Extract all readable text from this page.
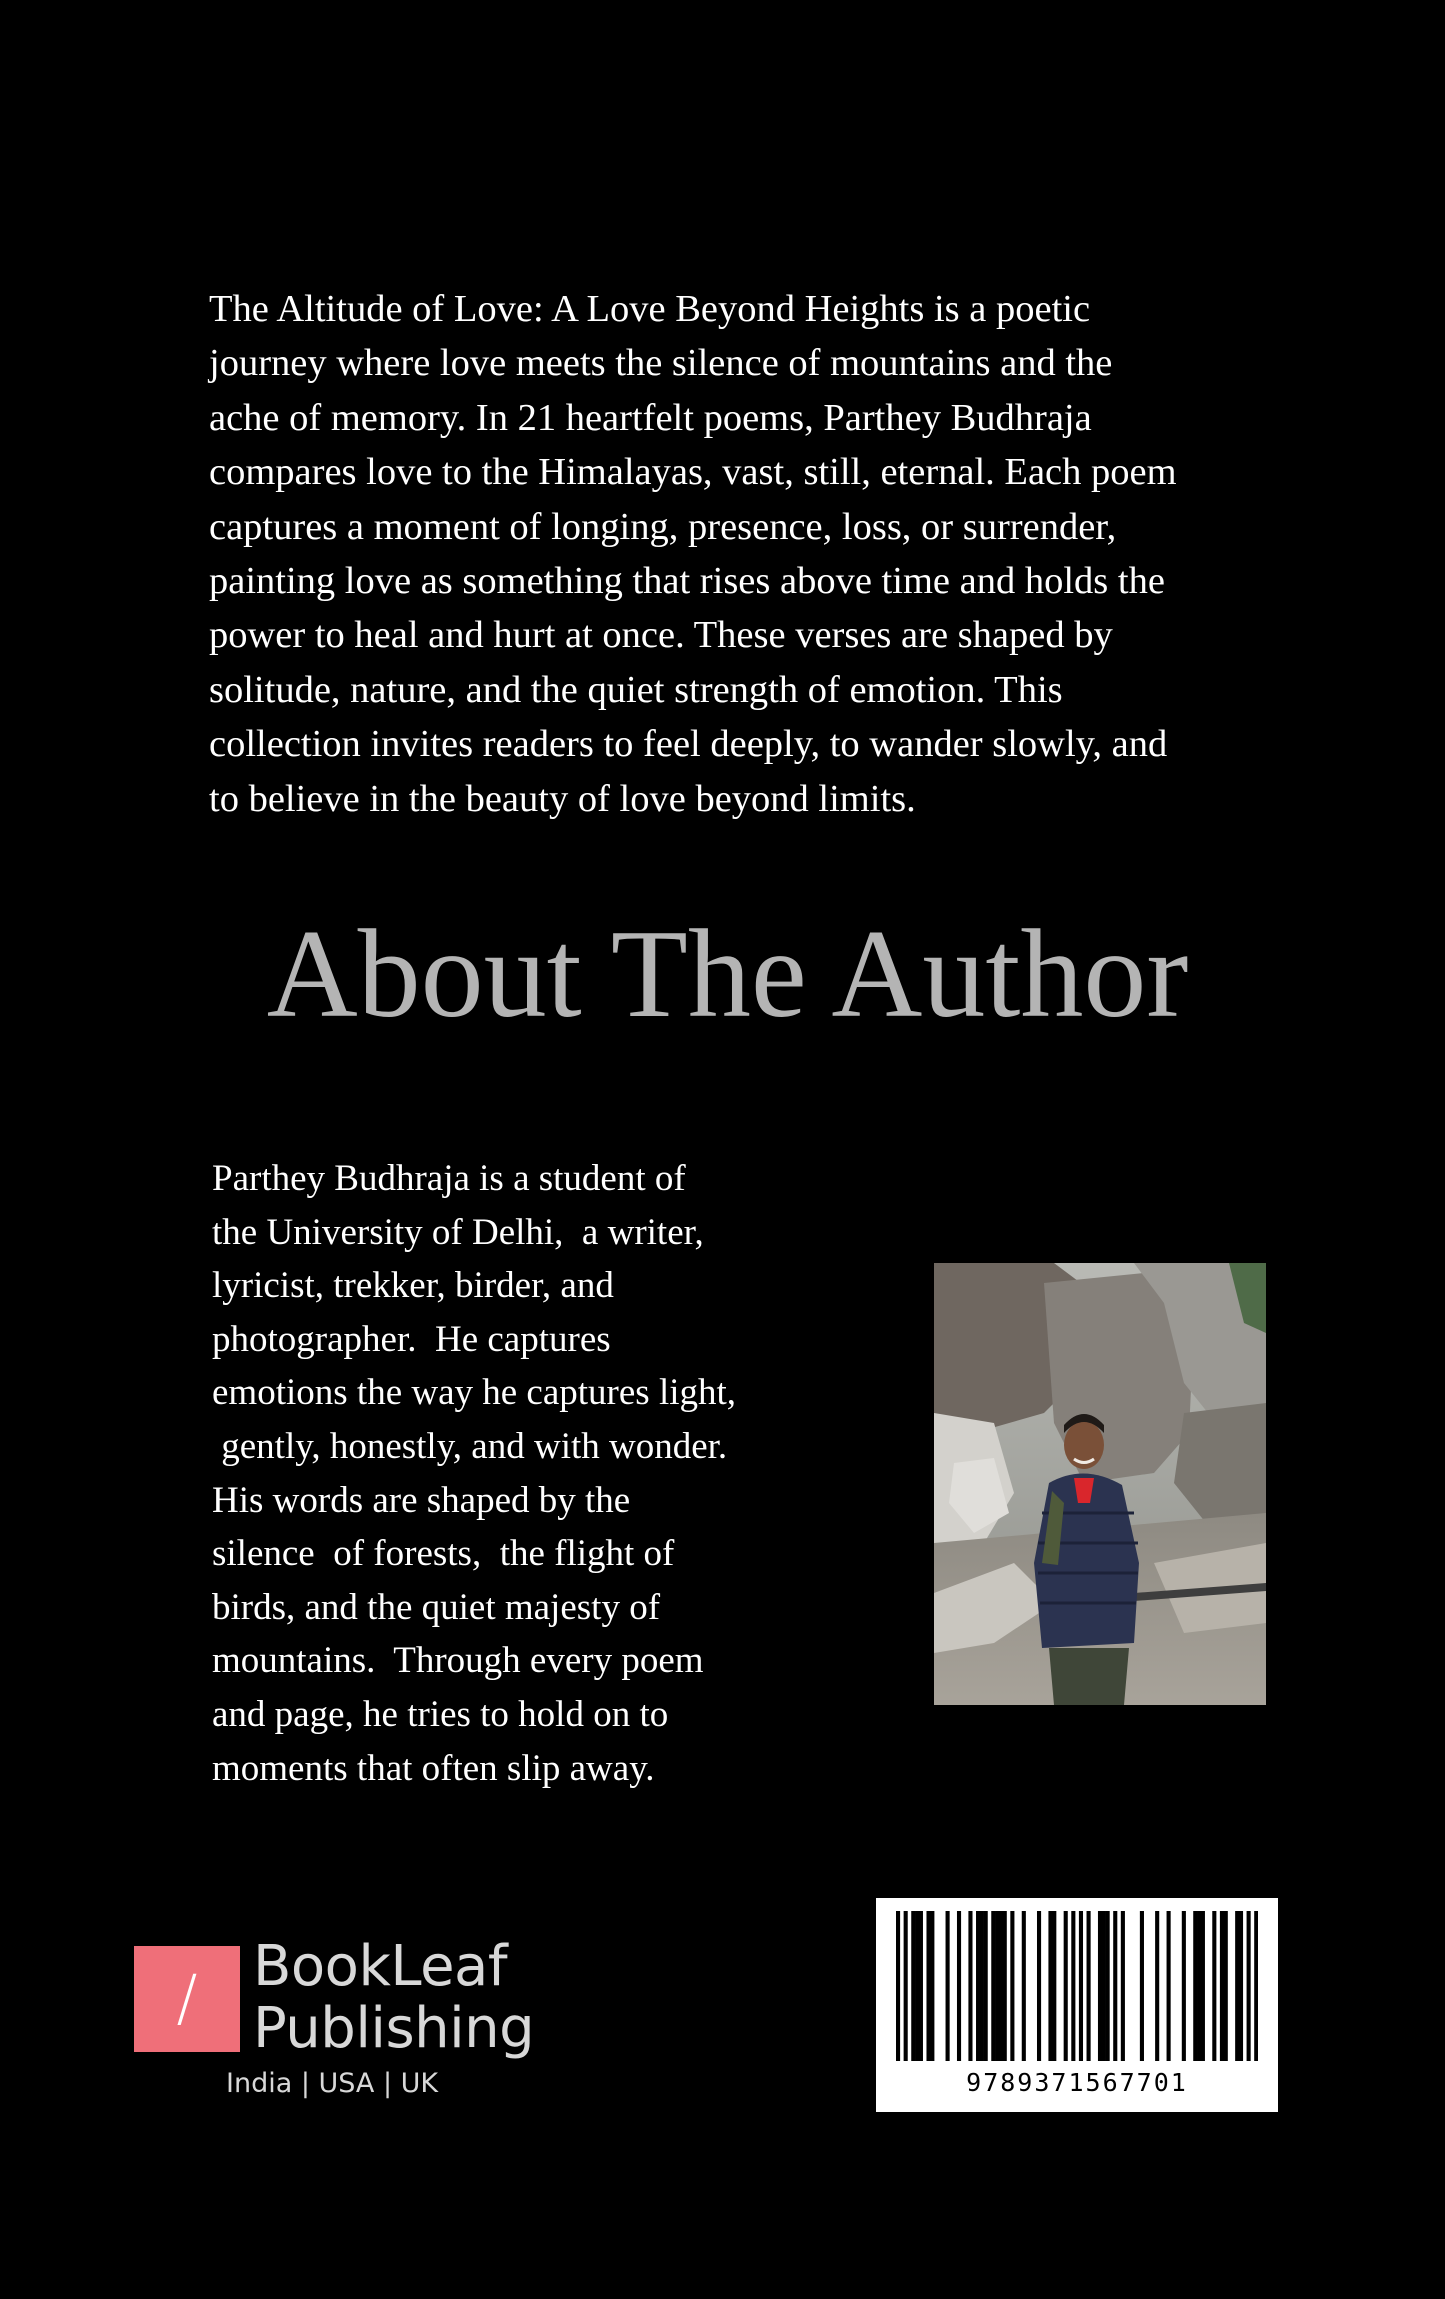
The Altitude of Love: A Love Beyond Heights is a poetic
journey where love meets the silence of mountains and the
ache of memory. In 21 heartfelt poems, Parthey Budhraja
compares love to the Himalayas, vast, still, eternal. Each poem
captures a moment of longing, presence, loss, or surrender,
painting love as something that rises above time and holds the
power to heal and hurt at once. These verses are shaped by
solitude, nature, and the quiet strength of emotion. This
collection invites readers to feel deeply, to wander slowly, and
to believe in the beauty of love beyond limits.

About The Author

Parthey Budhraja is a student of
the University of Delhi,  a writer,
lyricist, trekker, birder, and
photographer.  He captures
emotions the way he captures light,
gently, honestly, and with wonder.
His words are shaped by the
silence  of forests,  the flight of
birds, and the quiet majesty of
mountains.  Through every poem
and page, he tries to hold on to
moments that often slip away.

/ BookLeaf
Publishing
India | USA | UK	9789371567701
